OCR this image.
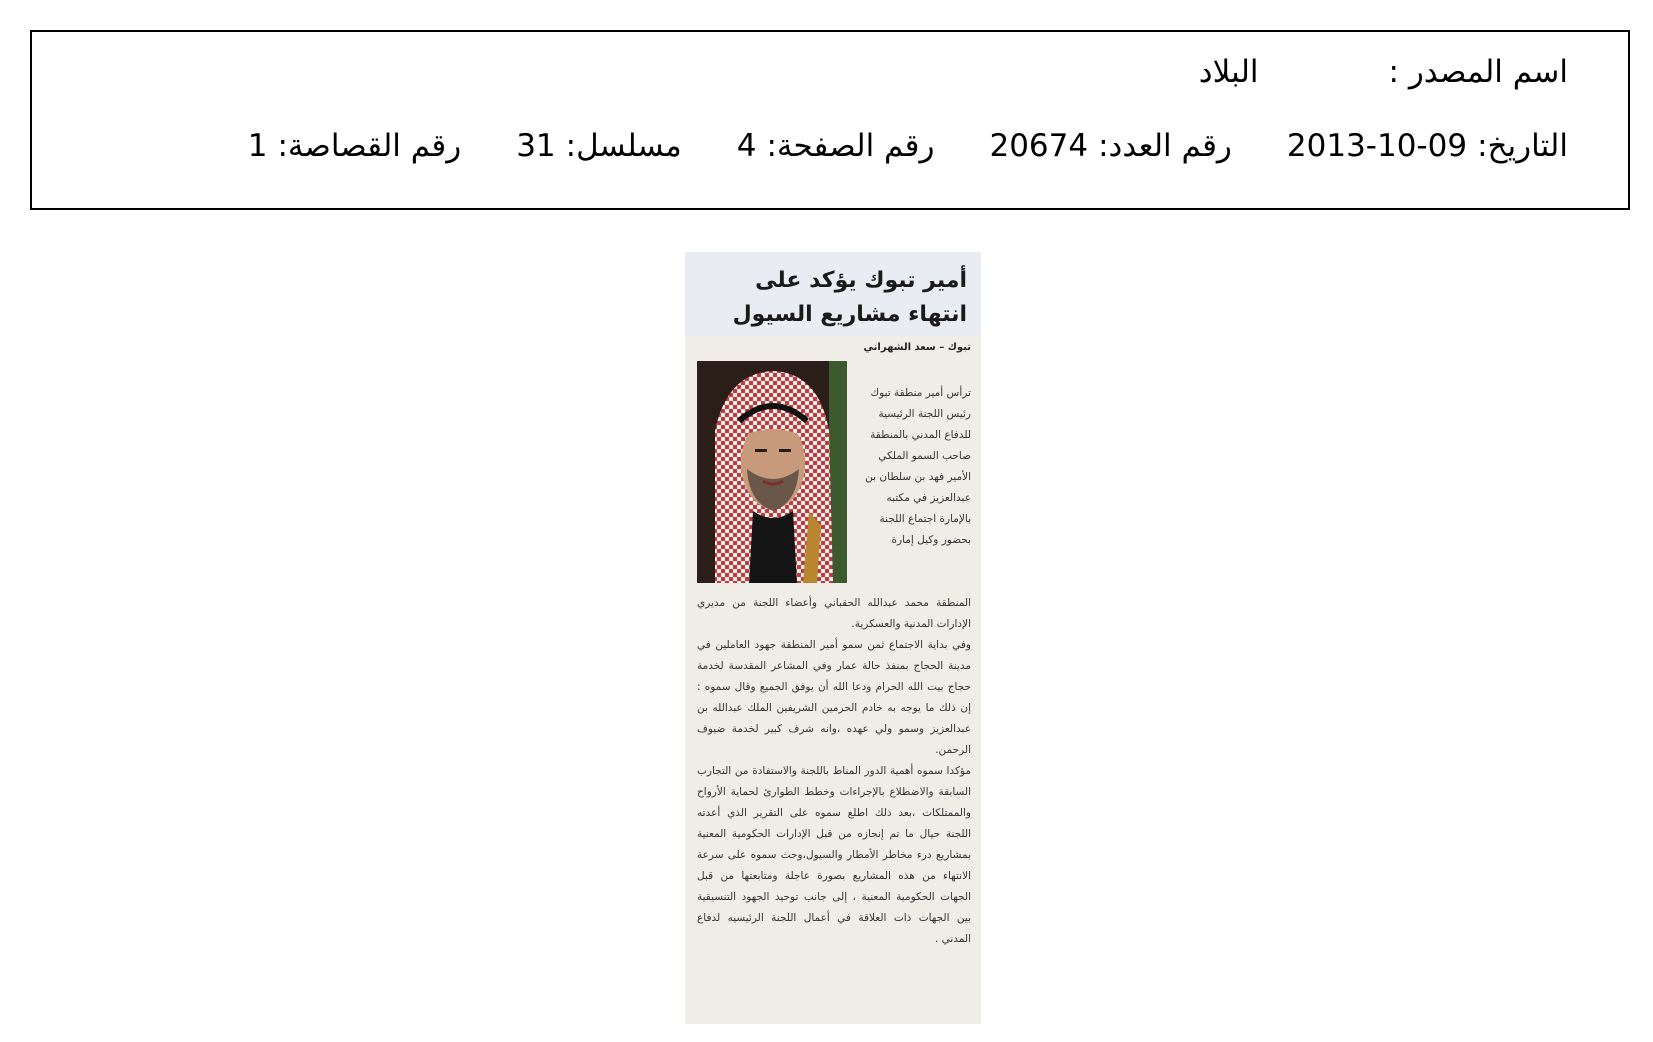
اسم المصدر :
البلاد
التاريخ:
2013-10-09
رقم العدد:
20674
رقم الصفحة:
4
مسلسل:
31
رقم القصاصة:
1
أمير تبوك يؤكد على
انتهاء مشاريع السيول
تبوك – سعد الشهراني
ترأس أمير منطقة تبوك رئيس اللجنة الرئيسية للدفاع المدني بالمنطقة صاحب السمو الملكي الأمير فهد بن سلطان بن عبدالعزيز في مكتبه بالإمارة اجتماع اللجنة بحضور وكيل إمارة

المنطقة محمد عبدالله الحقباني وأعضاء اللجنة من مديري الإدارات المدنية والعسكرية.

وفي بداية الاجتماع ثمن سمو أمير المنطقة جهود العاملين في مدينة الحجاج بمنفذ حالة عمار وفي المشاعر المقدسة لخدمة حجاج بيت الله الحرام ودعا الله أن يوفق الجميع وقال سموه : إن ذلك ما يوجه به خادم الحرمين الشريفين الملك عبدالله بن عبدالعزيز وسمو ولي عهده ،وانه شرف كبير لخدمة ضيوف الرحمن.

مؤكدا سموه أهمية الدور المناط باللجنة والاستفادة من التجارب السابقة والاضطلاع بالإجراءات وخطط الطوارئ لحماية الأرواح والممتلكات ،بعد ذلك اطلع سموه على التقرير الذي أعدته اللجنة حيال ما تم إنجازه من قبل الإدارات الحكومية المعنية بمشاريع درء مخاطر الأمطار والسيول،وحث سموه على سرعة الانتهاء من هذه المشاريع بصورة عاجلة ومتابعتها من قبل الجهات الحكومية المعنية ، إلى جانب توحيد الجهود التنسيقية بين الجهات ذات العلاقة في أعمال اللجنة الرئيسيه لدفاع المدني .
